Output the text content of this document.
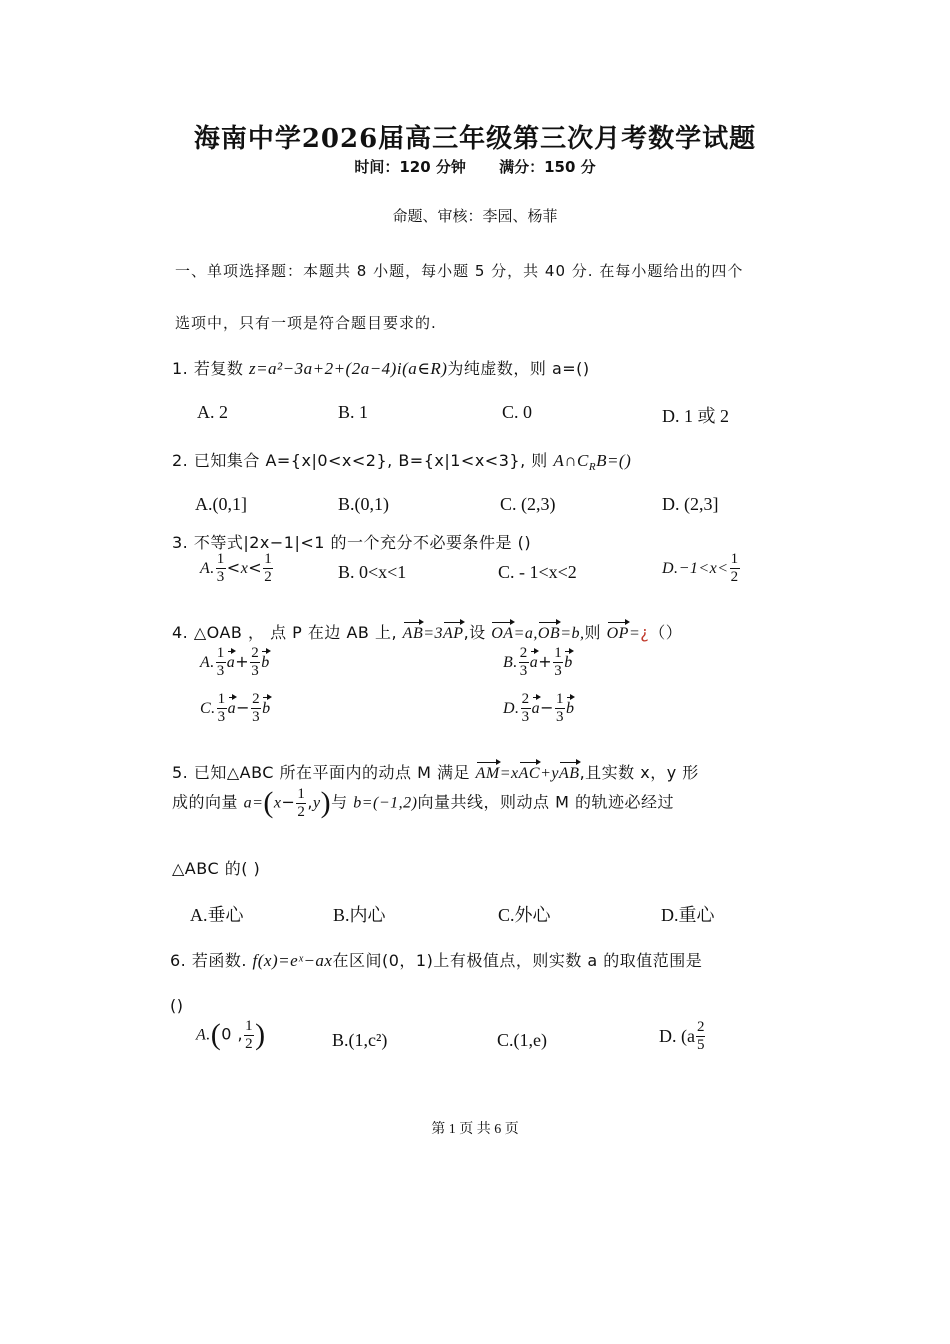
海南中学2026届高三年级第三次月考数学试题
时间：120 分钟 满分：150 分
命题、审核：李园、杨菲
一、单项选择题：本题共 8 小题，每小题 5 分，共 40 分. 在每小题给出的四个
选项中，只有一项是符合题目要求的.
1. 若复数 z=a²−3a+2+(2a−4)i(a∈R)为纯虚数，则 a=()
A. 2	B. 1	C. 0	D. 1 或 2
2. 已知集合 A={x|0<x<2}, B={x|1<x<3}, 则 $A\cap C_RB=()$
A.(0,1]	B.(0,1)	C. (2,3)	D. (2,3]
3. 不等式|2x−1|<1 的一个充分不必要条件是 ()
A. $\frac{1}{3} <x< \frac{1}{2}$	B. 0<x<1	C. - 1<x<2	$D.-1<x< \frac{1}{2}$
4. △OAB ， 点 P 在边 AB 上, AB=3AP,设 OA=a,OB=b,则 OP=¿（）
A. $\frac{1}{3} a+ \frac{2}{3}$ b	B. $\frac{2}{3} a+ \frac{1}{3}$ b
C. $\frac{1}{3} a- \frac{2}{3}$ b	D. $\frac{2}{3} a- \frac{1}{3}$ b
5. 已知△ABC 所在平面内的动点 M 满足 AM=xAC+yAB,且实数 x，y 形
成的向量 $a=(x- \frac{1}{2} ,y)$与 b=(−1,2)向量共线，则动点 M 的轨迹必经过
△ABC 的( )
A.垂心	B.内心	C.外心	D.重心
6. 若函数. f(x)=eˣ−ax在区间(0，1)上有极值点，则实数 a 的取值范围是
()
A.(0 , $\frac{1}{2}$ )	B.(1,c²)	C.(1,e)	D. ($a \frac{2}{5}$
第 1 页 共 6 页
